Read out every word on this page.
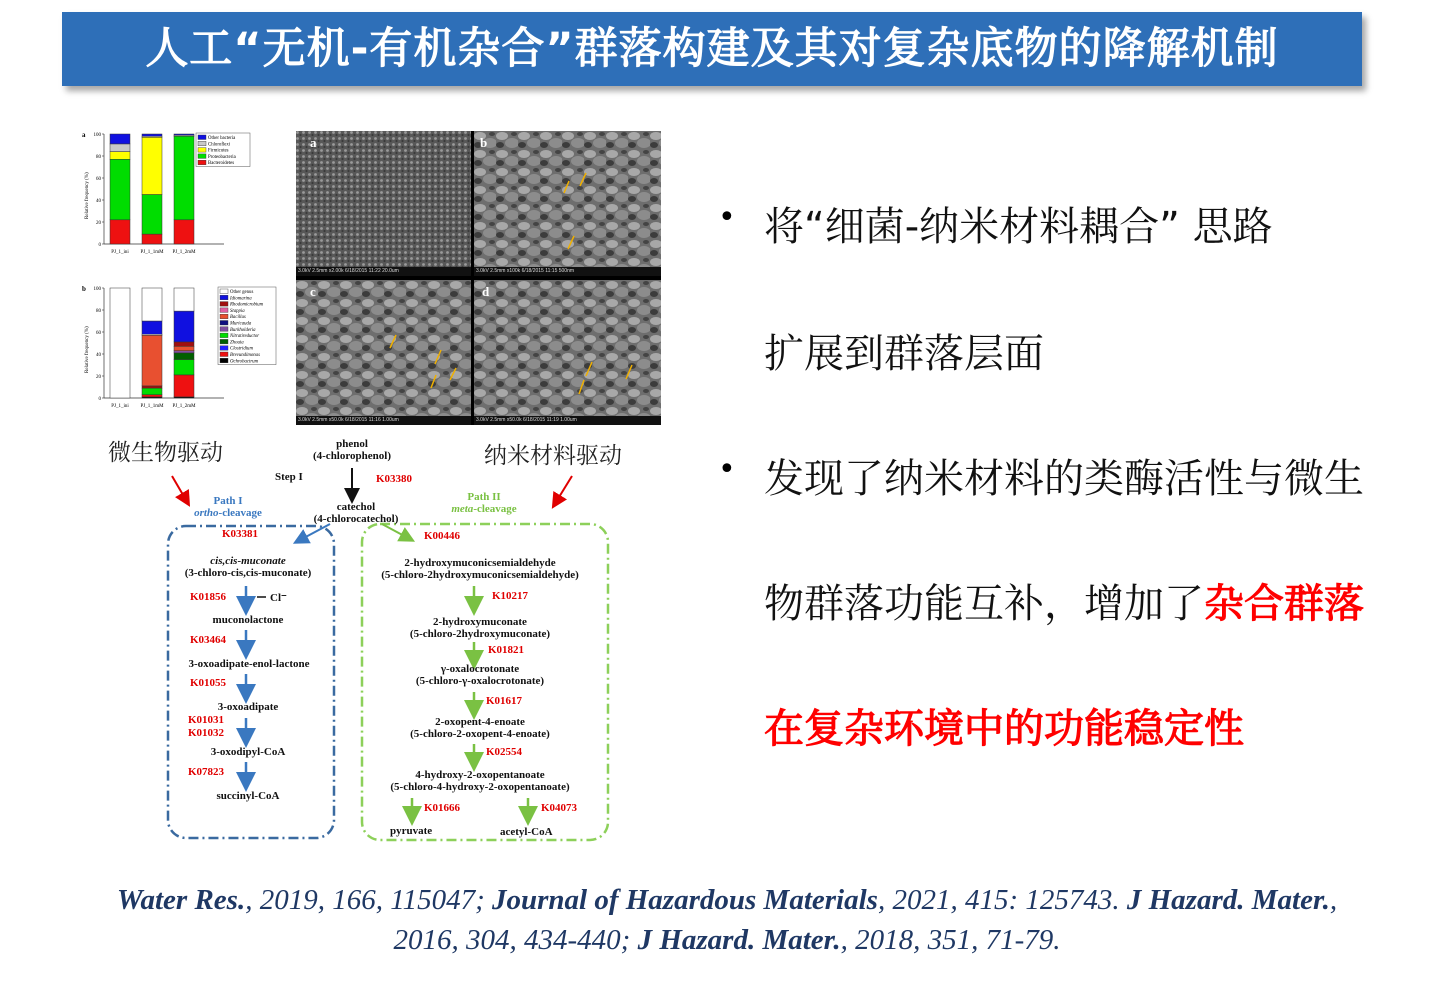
人工“无机-有机杂合”群落构建及其对复杂底物的降解机制
a
Relative frequency (%)
100
80
60
40
20
0
PJ_1_ini PJ_1_1mM PJ_1_2mM
Other bacteria
Chloroflexi
Firmicutes
Proteobacteria
Bacteroidetes
b
Relative frequency (%)
100
80
60
40
20
0
PJ_1_ini PJ_1_1mM PJ_1_2mM
Other genus
Idiomarina
Rhodomicrobium
Stappia
Bacillus
Muricauda
Burkholderia
Nitratireductor
Zhouia
Clostridium
Brevundimonas
Ochrobactrum
a
3.0kV 2.5mm x2.00k 6/18/2015 11:22 20.0um
b
3.0kV 2.5mm x100k 6/18/2015 11:15 500nm
c
3.0kV 2.5mm x50.0k 6/18/2015 11:16 1.00um
d
3.0kV 2.5mm x50.0k 6/18/2015 11:19 1.00um
微生物驱动	纳米材料驱动
phenol
(4-chlorophenol)
Step I	K03380
catechol
(4-chlorocatechol)
Path I
ortho-cleavage
Path II
meta-cleavage
K03381
cis,cis-muconate
(3-chloro-cis,cis-muconate)
K01856	Cl⁻
muconolactone
K03464
3-oxoadipate-enol-lactone
K01055
3-oxoadipate
K01031
K01032
3-oxodipyl-CoA
K07823
succinyl-CoA
K00446
2-hydroxymuconicsemialdehyde
(5-chloro-2hydroxymuconicsemialdehyde)
K10217
2-hydroxymuconate
(5-chloro-2hydroxymuconate)
K01821
γ-oxalocrotonate
(5-chloro-γ-oxalocrotonate)
K01617
2-oxopent-4-enoate
(5-chloro-2-oxopent-4-enoate)
K02554
4-hydroxy-2-oxopentanoate
(5-chloro-4-hydroxy-2-oxopentanoate)
K01666	K04073
pyruvate	acetyl-CoA
• 将“细菌-纳米材料耦合” 思路
扩展到群落层面
• 发现了纳米材料的类酶活性与微生
物群落功能互补，增加了杂合群落
在复杂环境中的功能稳定性
Water Res., 2019, 166, 115047; Journal of Hazardous Materials, 2021, 415: 125743. J Hazard. Mater.,
2016, 304, 434-440; J Hazard. Mater., 2018, 351, 71-79.
